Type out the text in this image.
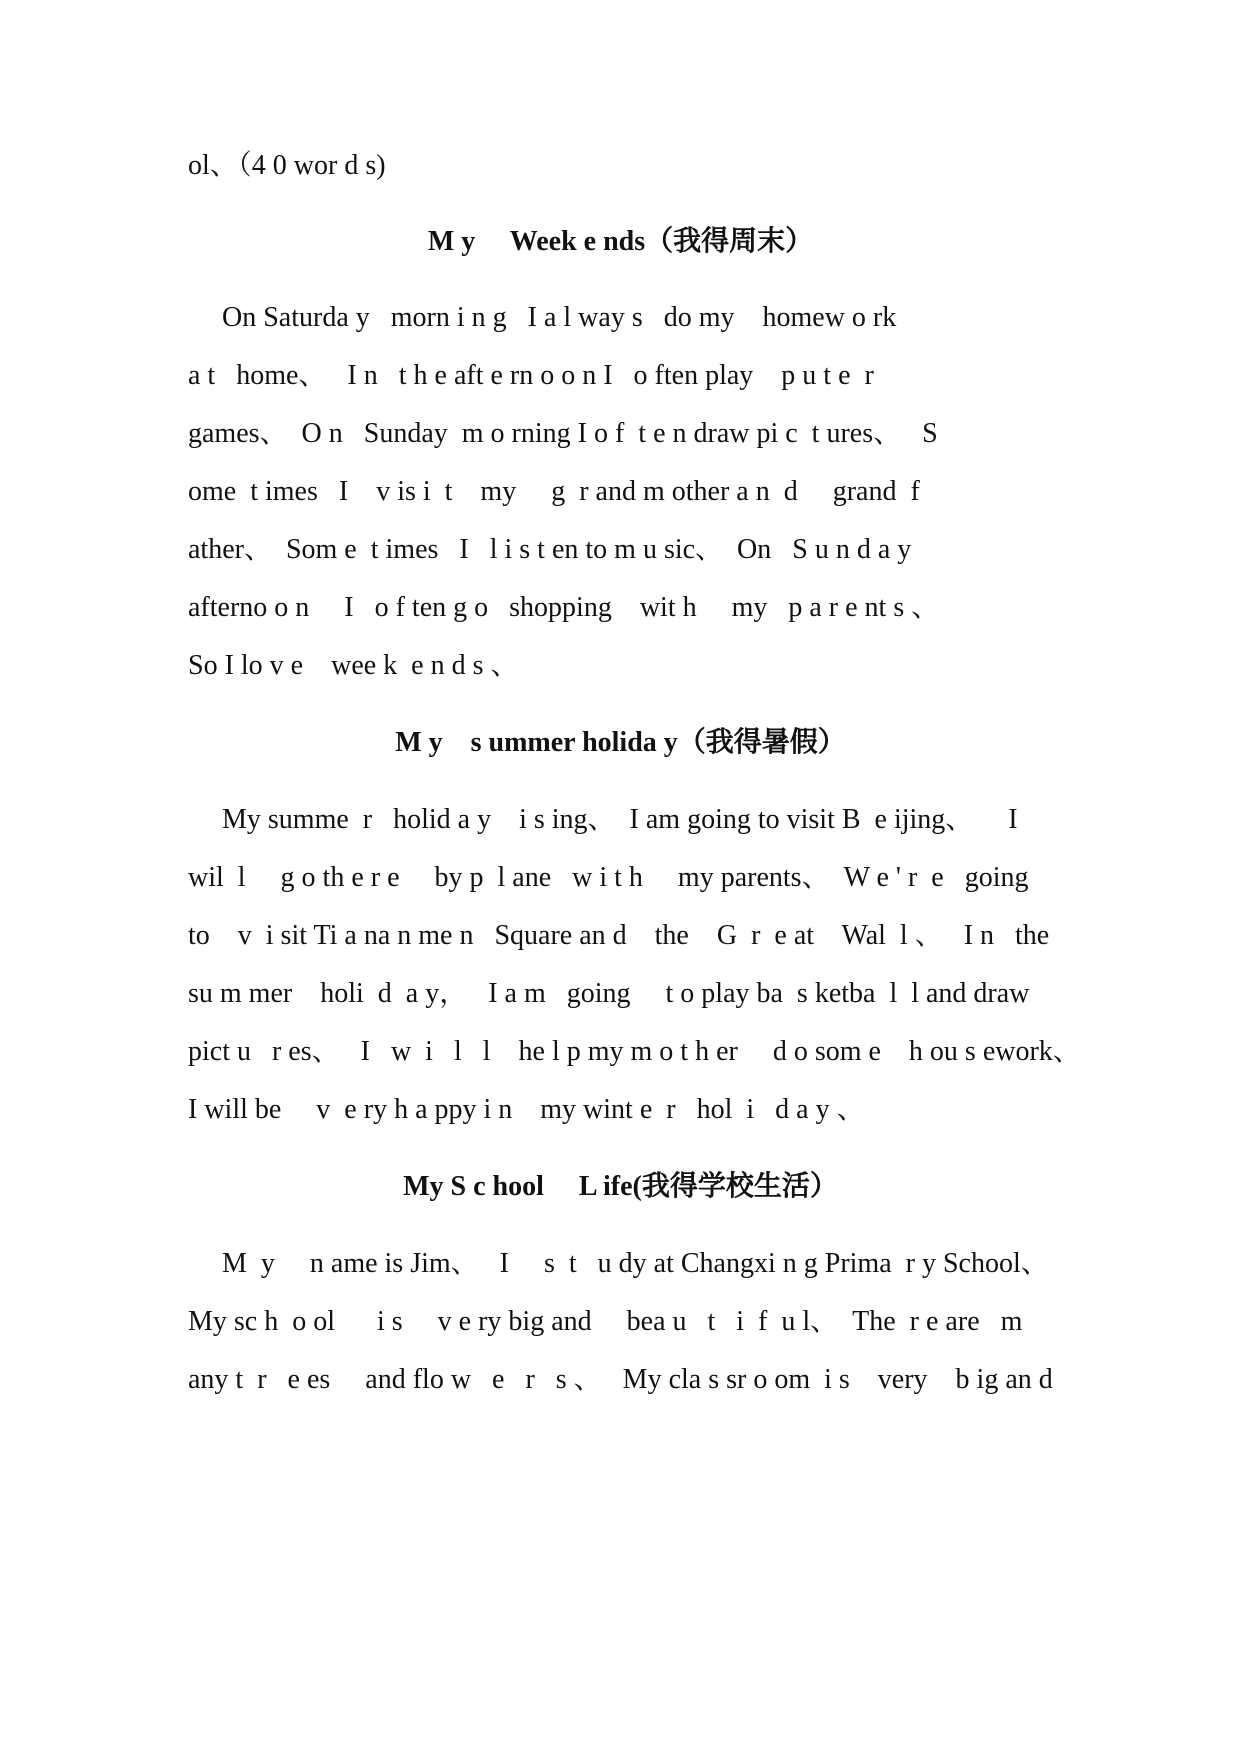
ol、（4 0 wor d s)
M y     Week e nds（我得周末）
On Saturda y   morn i n g   I a l way s   do my    homew o rk
a t   home、   I n   t h e aft e rn o o n I   o ften play    p u t e  r
games、  O n   Sunday  m o rning I o f  t e n draw pi c  t ures、   S
ome  t imes   I    v is i  t    my     g  r and m other a n  d     grand  f
ather、  Som e  t imes   I   l i s t en to m u sic、  On   S u n d a y
afterno o n     I   o f ten g o   shopping    wit h     my   p a r e nt s 、
So I lo v e    wee k  e n d s 、
M y    s ummer holida y（我得暑假）
My summe  r   holid a y    i s ing、  I am going to visit B  e ijing、     I
wil  l     g o th e r e     by p  l ane   w i t h     my parents、  W e ' r  e   going
to    v  i sit Ti a na n me n   Square an d    the    G  r  e at    Wal  l 、   I n   the
su m mer    holi  d  a y，   I a m   going     t o play ba  s ketba  l  l and draw
pict u   r es、   I   w  i   l   l    he l p my m o t h er     d o som e    h ou s ework、
I will be     v  e ry h a ppy i n    my wint e  r   hol  i   d a y 、
My S c hool     L ife(我得学校生活）
M  y     n ame is Jim、   I     s  t   u dy at Changxi n g Prima  r y School、
My sc h  o ol      i s     v e ry big and     bea u   t   i  f  u l、  The  r e are   m
any t  r   e es     and flo w   e   r   s 、   My cla s sr o om  i s    very    b ig an d
